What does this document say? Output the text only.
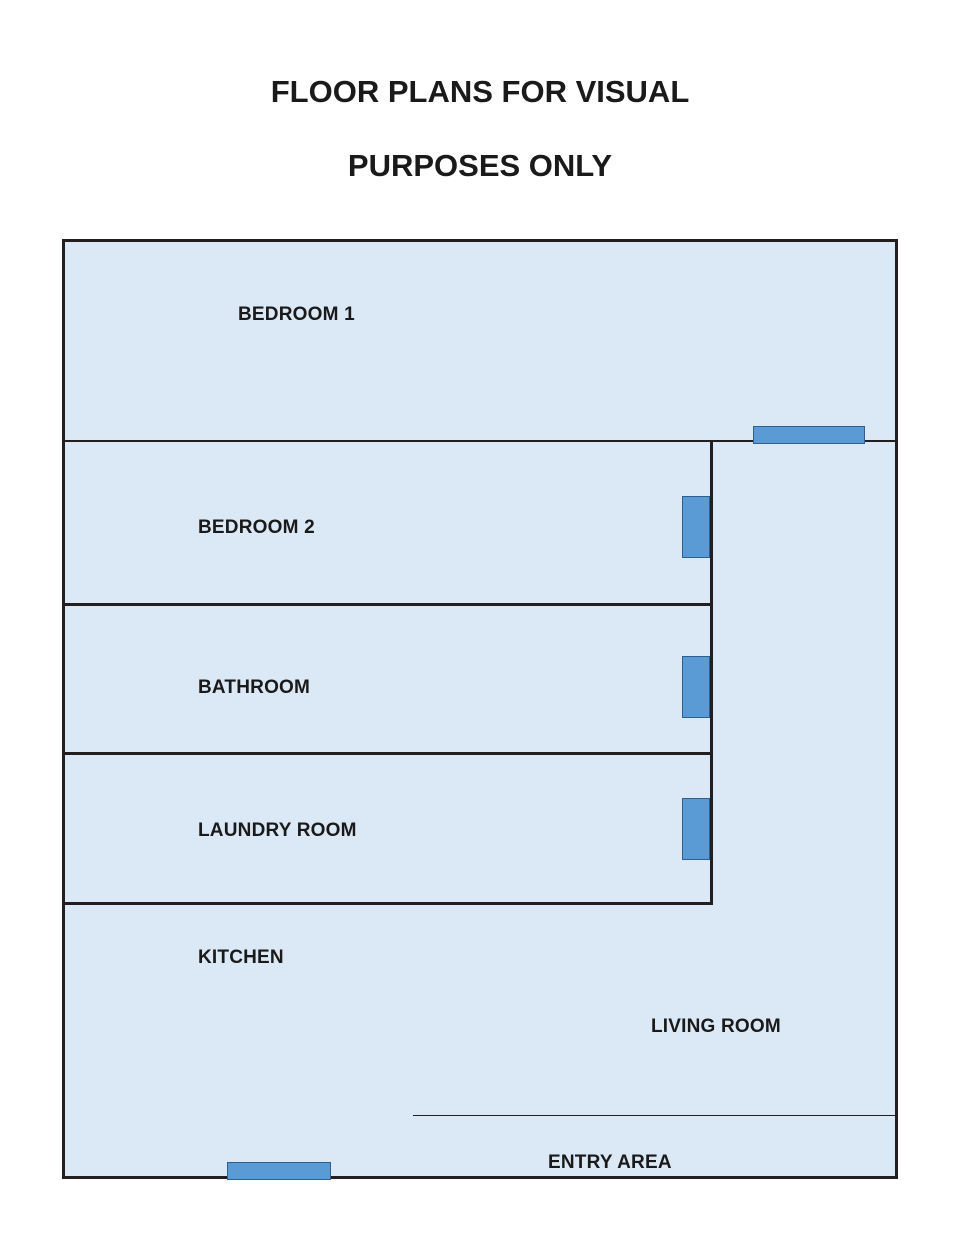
FLOOR PLANS FOR VISUAL
PURPOSES ONLY
BEDROOM 1
BEDROOM 2
BATHROOM
LAUNDRY ROOM
KITCHEN
LIVING ROOM
ENTRY AREA
